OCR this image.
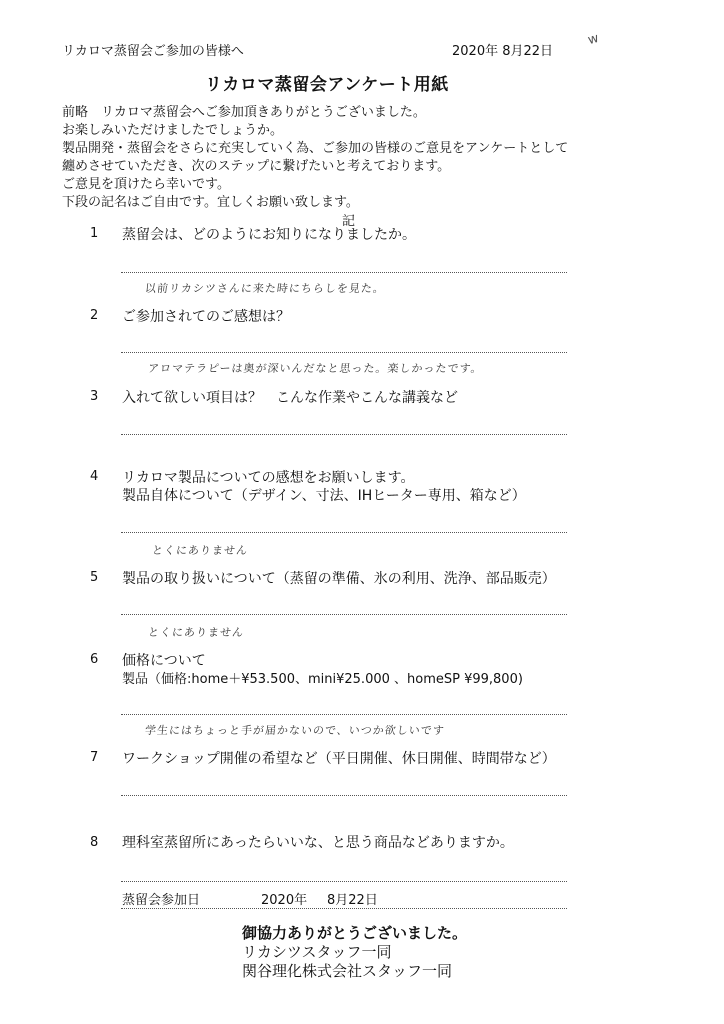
リカロマ蒸留会ご参加の皆様へ	2020年 8月22日
w
リカロマ蒸留会アンケート用紙
前略　リカロマ蒸留会へご参加頂きありがとうございました。
お楽しみいただけましたでしょうか。
製品開発・蒸留会をさらに充実していく為、ご参加の皆様のご意見をアンケートとして
纏めさせていただき、次のステップに繋げたいと考えております。
ご意見を頂けたら幸いです。
下段の記名はご自由です。宜しくお願い致します。
記
1 蒸留会は、どのようにお知りになりましたか。
以前リカシツさんに来た時にちらしを見た。
2 ご参加されてのご感想は？
アロマテラピーは奥が深いんだなと思った。楽しかったです。
3 入れて欲しい項目は？　こんな作業やこんな講義など
4 リカロマ製品についての感想をお願いします。
製品自体について（デザイン、寸法、IHヒーター専用、箱など）
とくにありません
5 製品の取り扱いについて（蒸留の準備、氷の利用、洗浄、部品販売）
とくにありません
6 価格について
製品（価格:home＋¥53.500、mini¥25.000 、homeSP ¥99,800)
学生にはちょっと手が届かないので、いつか欲しいです
7 ワークショップ開催の希望など（平日開催、休日開催、時間帯など）
8 理科室蒸留所にあったらいいな、と思う商品などありますか。
蒸留会参加日	2020年 8月22日
御協力ありがとうございました。
リカシツスタッフ一同
関谷理化株式会社スタッフ一同
